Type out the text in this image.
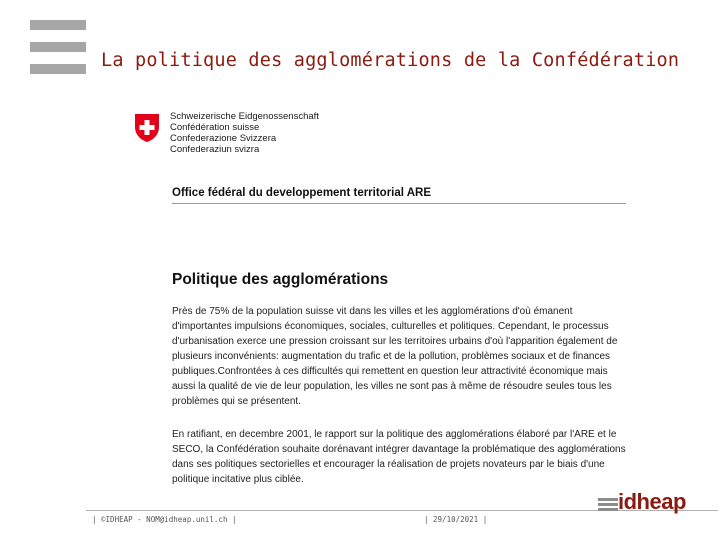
La politique des agglomérations de la Confédération
Schweizerische Eidgenossenschaft
Confédération suisse
Confederazione Svizzera
Confederaziun svizra
Office fédéral du developpement territorial ARE
Politique des agglomérations

Près de 75% de la population suisse vit dans les villes et les agglomérations d'où émanent d'importantes impulsions économiques, sociales, culturelles et politiques. Cependant, le processus d'urbanisation exerce une pression croissant sur les territoires urbains d'où l'apparition également de plusieurs inconvénients: augmentation du trafic et de la pollution, problèmes sociaux et de finances publiques.Confrontées à ces difficultés qui remettent en question leur attractivité économique mais aussi la qualité de vie de leur population, les villes ne sont pas à même de résoudre seules tous les problèmes qui se présentent.

En ratifiant, en decembre 2001, le rapport sur la politique des agglomérations élaboré par l'ARE et le SECO, la Confédération souhaite dorénavant intégrer davantage la problématique des agglomérations dans ses politiques sectorielles et encourager la réalisation de projets novateurs par le biais d'une politique incitative plus ciblée.

| ©IDHEAP - NOM@idheap.unil.ch |	| 29/10/2021 |
idheap
